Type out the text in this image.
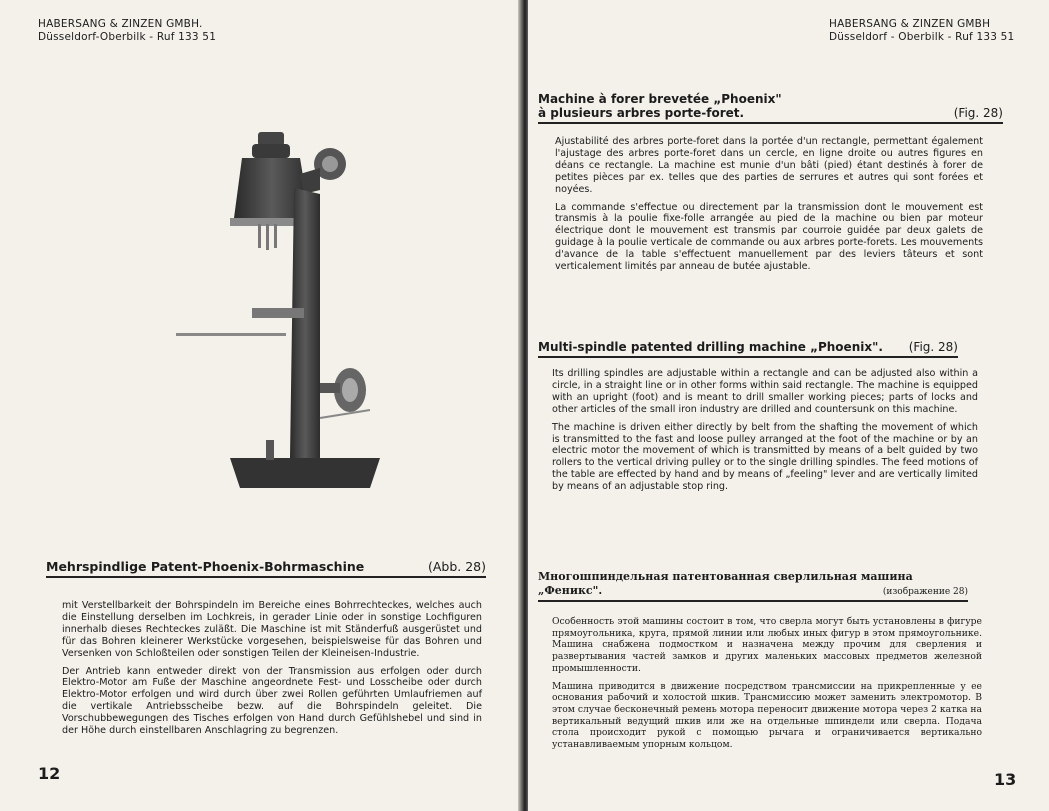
HABERSANG & ZINZEN GMBH.
Düsseldorf-Oberbilk - Ruf 133 51
Mehrspindlige Patent-Phoenix-Bohrmaschine	(Abb. 28)

mit Verstellbarkeit der Bohrspindeln im Bereiche eines Bohrrechteckes, welches auch die Einstellung derselben im Lochkreis, in gerader Linie oder in sonstige Lochfiguren innerhalb dieses Rechteckes zuläßt. Die Maschine ist mit Ständerfuß ausgerüstet und für das Bohren kleinerer Werkstücke vorgesehen, beispielsweise für das Bohren und Versenken von Schloßteilen oder sonstigen Teilen der Kleineisen-Industrie.

Der Antrieb kann entweder direkt von der Transmission aus erfolgen oder durch Elektro-Motor am Fuße der Maschine angeordnete Fest- und Losscheibe oder durch Elektro-Motor erfolgen und wird durch über zwei Rollen geführten Umlaufriemen auf die vertikale Antriebsscheibe bezw. auf die Bohrspindeln geleitet. Die Vorschubbewegungen des Tisches erfolgen von Hand durch Gefühlshebel und sind in der Höhe durch einstellbaren Anschlagring zu begrenzen.

12
HABERSANG & ZINZEN GMBH
Düsseldorf - Oberbilk - Ruf 133 51
Machine à forer brevetée „Phoenix"
à plusieurs arbres porte-foret.	(Fig. 28)

Ajustabilité des arbres porte-foret dans la portée d'un rectangle, permettant également l'ajustage des arbres porte-foret dans un cercle, en ligne droite ou autres figures en déans ce rectangle. La machine est munie d'un bâti (pied) étant destinés à forer de petites pièces par ex. telles que des parties de serrures et autres qui sont forées et noyées.

La commande s'effectue ou directement par la transmission dont le mouvement est transmis à la poulie fixe-folle arrangée au pied de la machine ou bien par moteur électrique dont le mouvement est transmis par courroie guidée par deux galets de guidage à la poulie verticale de commande ou aux arbres porte-forets. Les mouvements d'avance de la table s'effectuent manuellement par des leviers tâteurs et sont verticalement limités par anneau de butée ajustable.

Multi-spindle patented drilling machine „Phoenix". (Fig. 28)

Its drilling spindles are adjustable within a rectangle and can be adjusted also within a circle, in a straight line or in other forms within said rectangle. The machine is equipped with an upright (foot) and is meant to drill smaller working pieces; parts of locks and other articles of the small iron industry are drilled and countersunk on this machine.

The machine is driven either directly by belt from the shafting the movement of which is transmitted to the fast and loose pulley arranged at the foot of the machine or by an electric motor the movement of which is transmitted by means of a belt guided by two rollers to the vertical driving pulley or to the single drilling spindles. The feed motions of the table are effected by hand and by means of „feeling" lever and are vertically limited by means of an adjustable stop ring.

Многошпиндельная патентованная сверлильная машина
„Феникс".	(изображение 28)

Особенность этой машины состоит в том, что сверла могут быть установлены в фигуре прямоугольника, круга, прямой линии или любых иных фигур в этом прямоугольнике. Машина снабжена подмостком и назначена между прочим для сверления и развертывания частей замков и других маленьких массовых предметов железной промышленности.

Машина приводится в движение посредством трансмиссии на прикрепленные у ее основания рабочий и холостой шкив. Трансмиссию может заменить электромотор. В этом случае бесконечный ремень мотора переносит движение мотора через 2 катка на вертикальный ведущий шкив или же на отдельные шпиндели или сверла. Подача стола происходит рукой с помощью рычага и ограничивается вертикально устанавливаемым упорным кольцом.

13
